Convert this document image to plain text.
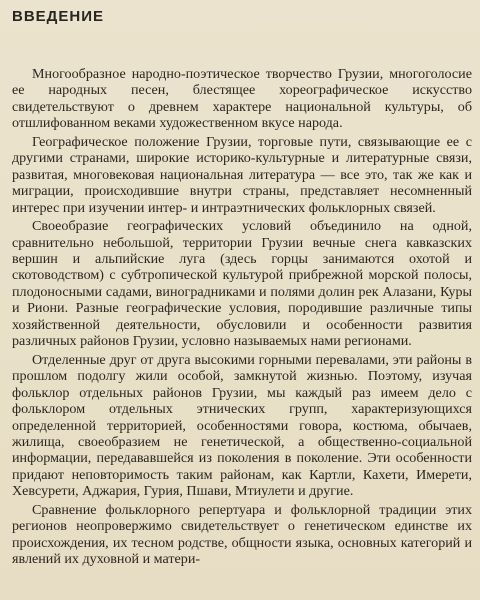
ВВЕДЕНИЕ

Многообразное народно-поэтическое творчество Грузии, многоголосие ее народных песен, блестящее хореографическое искусство свидетельствуют о древнем характере национальной культуры, об отшлифованном веками художественном вкусе народа.

Географическое положение Грузии, торговые пути, связывающие ее с другими странами, широкие историко-культурные и литературные связи, развитая, многовековая национальная литература — все это, так же как и миграции, происходившие внутри страны, представляет несомненный интерес при изучении интер- и интраэтнических фольклорных связей.

Своеобразие географических условий объединило на одной, сравнительно небольшой, территории Грузии вечные снега кавказских вершин и альпийские луга (здесь горцы занимаются охотой и скотоводством) с субтропической культурой прибрежной морской полосы, плодоносными садами, виноградниками и полями долин рек Алазани, Куры и Риони. Разные географические условия, породившие различные типы хозяйственной деятельности, обусловили и особенности развития различных районов Грузии, условно называемых нами регионами.

Отделенные друг от друга высокими горными перевалами, эти районы в прошлом подолгу жили особой, замкнутой жизнью. Поэтому, изучая фольклор отдельных районов Грузии, мы каждый раз имеем дело с фольклором отдельных этнических групп, характеризующихся определенной территорией, особенностями говора, костюма, обычаев, жилища, своеобразием не генетической, а общественно-социальной информации, передававшейся из поколения в поколение. Эти особенности придают неповторимость таким районам, как Картли, Кахети, Имерети, Хевсурети, Аджария, Гурия, Пшави, Мтиулети и другие.

Сравнение фольклорного репертуара и фольклорной традиции этих регионов неопровержимо свидетельствует о генетическом единстве их происхождения, их тесном родстве, общности языка, основных категорий и явлений их духовной и матери-
